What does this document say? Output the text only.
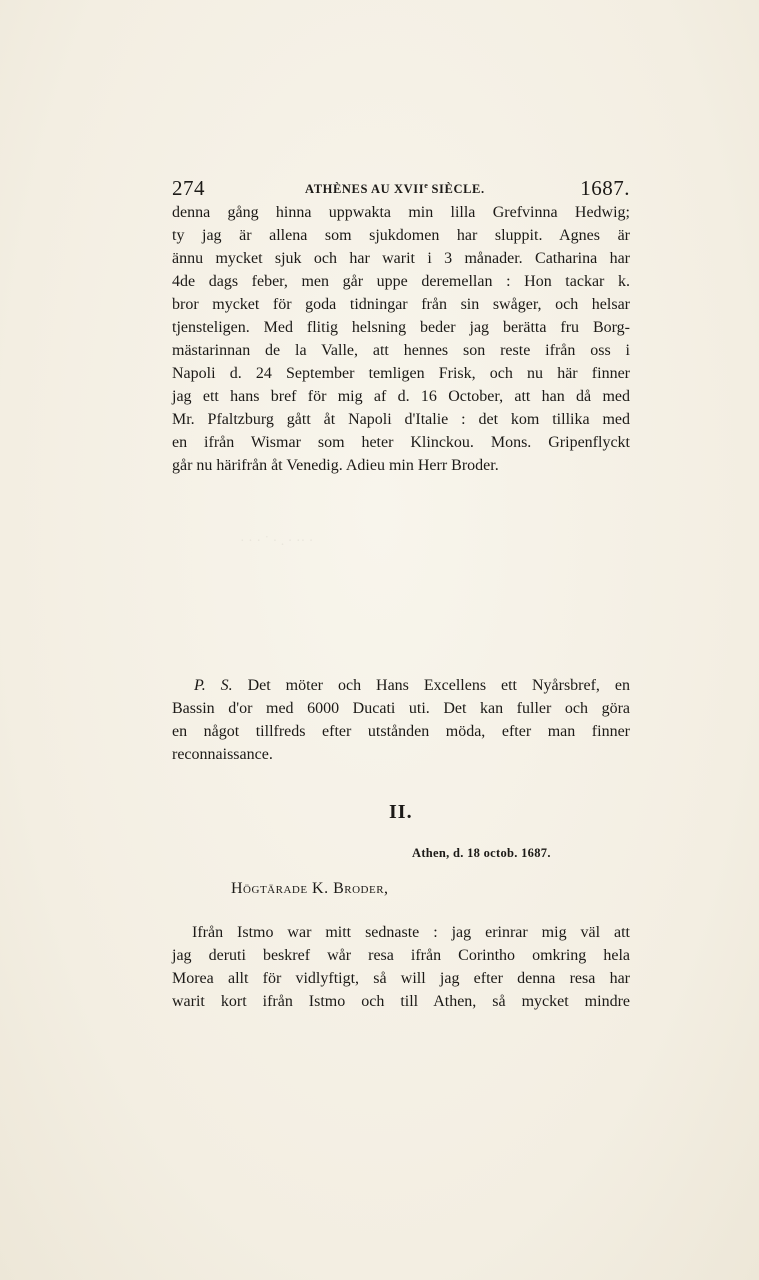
274	ATHÈNES AU XVIIe SIÈCLE.	1687.
denna gång hinna uppwakta min lilla Grefvinna Hedwig;
ty jag är allena som sjukdomen har sluppit. Agnes är
ännu mycket sjuk och har warit i 3 månader. Catharina har
4de dags feber, men går uppe deremellan : Hon tackar k.
bror mycket för goda tidningar från sin swåger, och helsar
tjensteligen. Med flitig helsning beder jag berätta fru Borg-
mästarinnan de la Valle, att hennes son reste ifrån oss i
Napoli d. 24 September temligen Frisk, och nu här finner
jag ett hans bref för mig af d. 16 October, att han då med
Mr. Pfaltzburg gått åt Napoli d'Italie : det kom tillika med
en ifrån Wismar som heter Klinckou. Mons. Gripenflyckt
går nu härifrån åt Venedig. Adieu min Herr Broder.
· · · ˙ · . · ·· ·
P. S. Det möter och Hans Excellens ett Nyårsbref, en
Bassin d'or med 6000 Ducati uti. Det kan fuller och göra
en något tillfreds efter utstånden möda, efter man finner
reconnaissance.
II.
Athen, d. 18 octob. 1687.
Högtärade K. Broder,
Ifrån Istmo war mitt sednaste : jag erinrar mig väl att
jag deruti beskref wår resa ifrån Corintho omkring hela
Morea allt för vidlyftigt, så will jag efter denna resa har
warit kort ifrån Istmo och till Athen, så mycket mindre
